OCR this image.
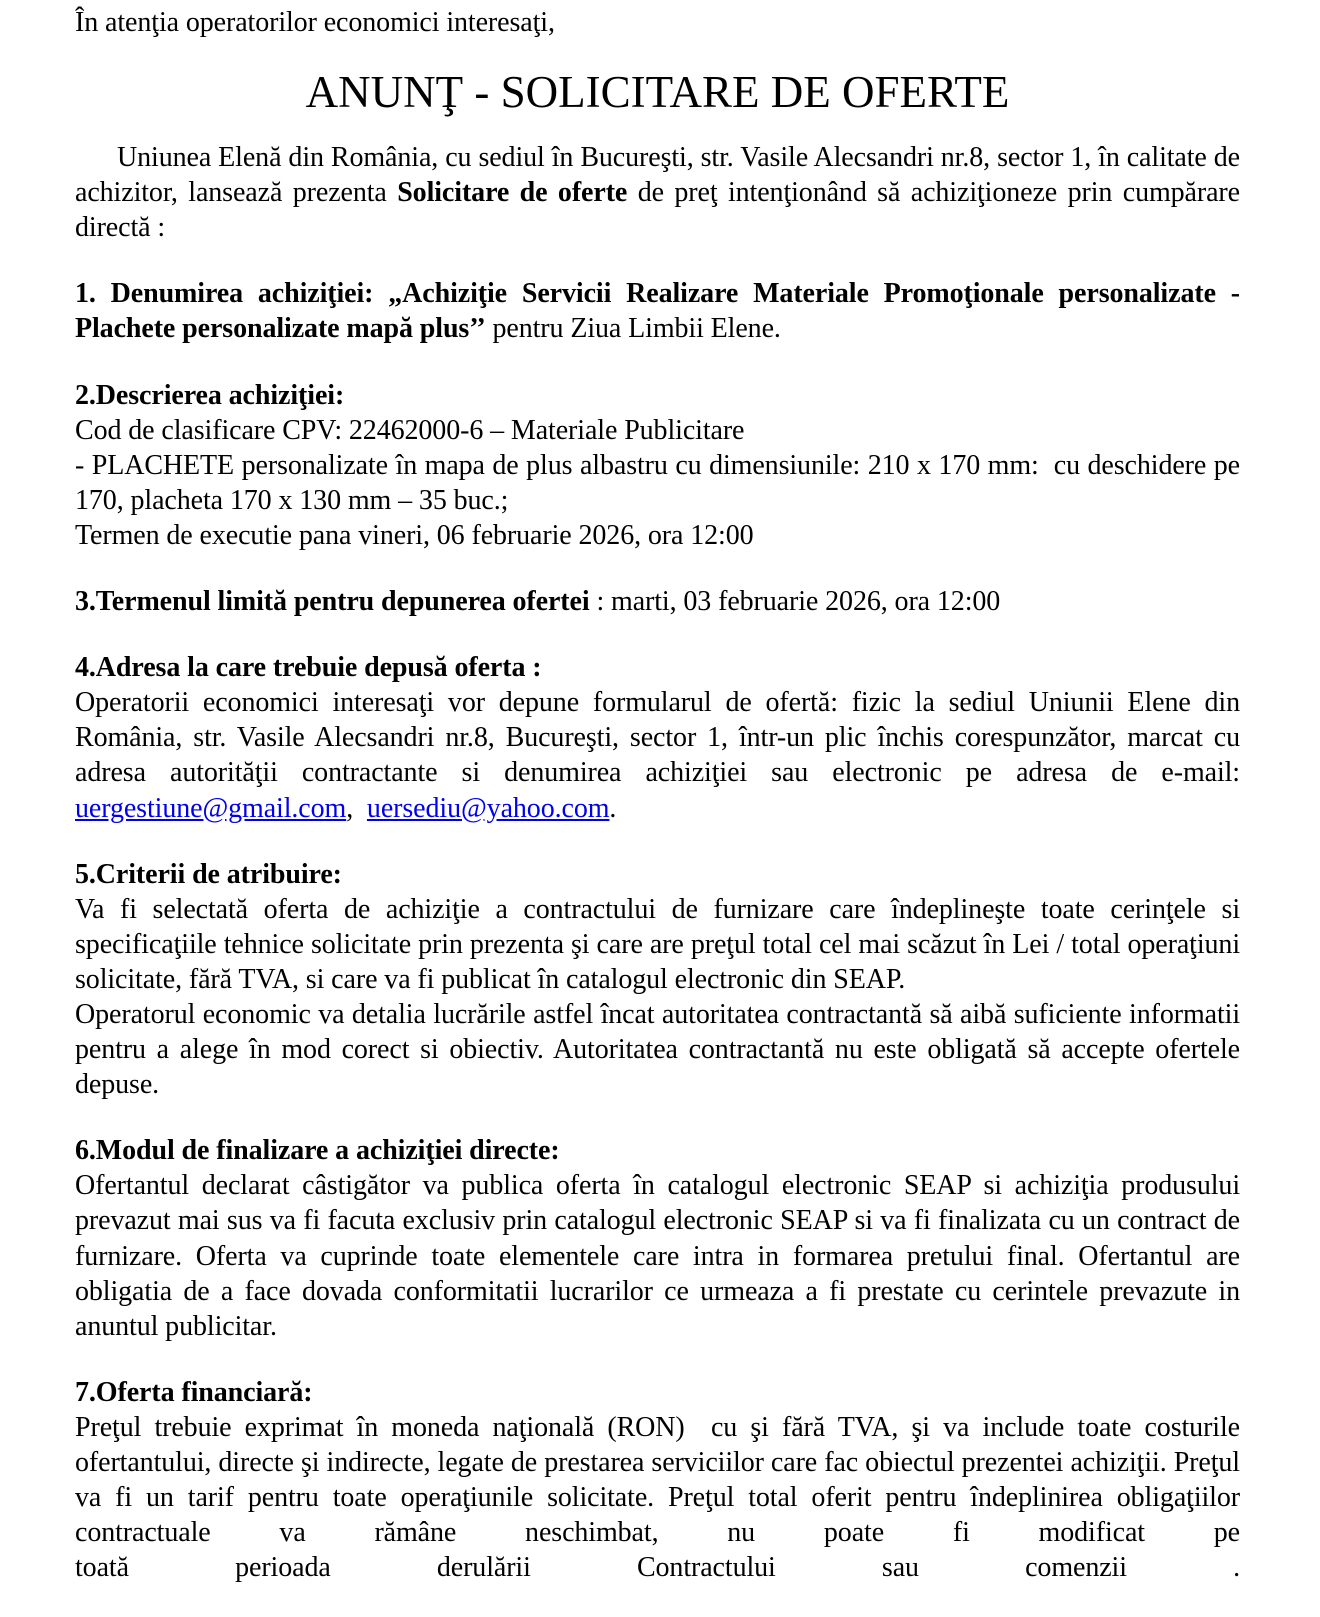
În atenţia operatorilor economici interesaţi,

ANUNŢ - SOLICITARE DE OFERTE

Uniunea Elenă din România, cu sediul în Bucureşti, str. Vasile Alecsandri nr.8, sector 1, în calitate de achizitor, lansează prezenta Solicitare de oferte de preţ intenţionând să achiziţioneze prin cumpărare directă :

1. Denumirea achiziţiei: „Achiziţie Servicii Realizare Materiale Promoţionale personalizate - Plachete personalizate mapă plus’’ pentru Ziua Limbii Elene.

2.Descrierea achiziţiei:

Cod de clasificare CPV: 22462000-6 – Materiale Publicitare

- PLACHETE personalizate în mapa de plus albastru cu dimensiunile: 210 x 170 mm:  cu deschidere pe 170, placheta 170 x 130 mm – 35 buc.;

Termen de executie pana vineri, 06 februarie 2026, ora 12:00

3.Termenul limită pentru depunerea ofertei : marti, 03 februarie 2026, ora 12:00

4.Adresa la care trebuie depusă oferta :

Operatorii economici interesaţi vor depune formularul de ofertă: fizic la sediul Uniunii Elene din România, str. Vasile Alecsandri nr.8, Bucureşti, sector 1, într-un plic închis corespunzător, marcat cu adresa autorităţii contractante si denumirea achiziţiei sau electronic pe adresa de e-mail: uergestiune@gmail.com,  uersediu@yahoo.com.

5.Criterii de atribuire:

Va fi selectată oferta de achiziţie a contractului de furnizare care îndeplineşte toate cerinţele si specificaţiile tehnice solicitate prin prezenta şi care are preţul total cel mai scăzut în Lei / total operaţiuni solicitate, fără TVA, si care va fi publicat în catalogul electronic din SEAP.

Operatorul economic va detalia lucrările astfel încat autoritatea contractantă să aibă suficiente informatii pentru a alege în mod corect si obiectiv. Autoritatea contractantă nu este obligată să accepte ofertele depuse.

6.Modul de finalizare a achiziţiei directe:

Ofertantul declarat câstigător va publica oferta în catalogul electronic SEAP si achiziţia produsului prevazut mai sus va fi facuta exclusiv prin catalogul electronic SEAP si va fi finalizata cu un contract de furnizare. Oferta va cuprinde toate elementele care intra in formarea pretului final. Ofertantul are obligatia de a face dovada conformitatii lucrarilor ce urmeaza a fi prestate cu cerintele prevazute in anuntul publicitar.

7.Oferta financiară:

Preţul trebuie exprimat în moneda naţională (RON)  cu şi fără TVA, şi va include toate costurile ofertantului, directe şi indirecte, legate de prestarea serviciilor care fac obiectul prezentei achiziţii. Preţul va fi un tarif pentru toate operaţiunile solicitate. Preţul total oferit pentru îndeplinirea obligaţiilor contractuale va rămâne neschimbat, nu poate fi modificat pe

toată perioada derulării Contractului sau comenzii .
